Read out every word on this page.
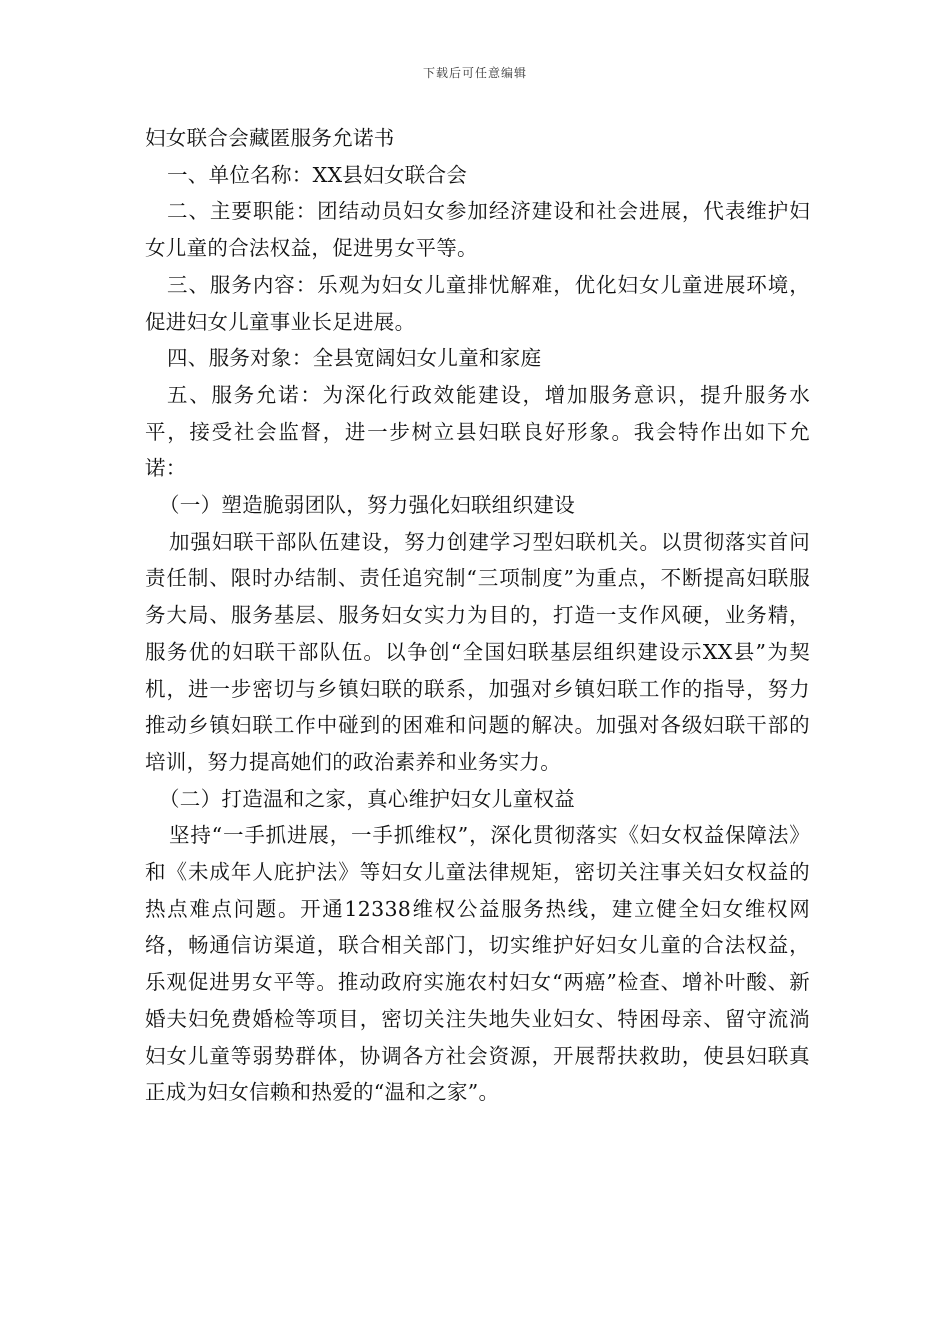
下载后可任意编辑

妇女联合会藏匿服务允诺书

一、单位名称：XX县妇女联合会

二、主要职能：团结动员妇女参加经济建设和社会进展，代表维护妇女儿童的合法权益，促进男女平等。

三、服务内容：乐观为妇女儿童排忧解难，优化妇女儿童进展环境，促进妇女儿童事业长足进展。

四、服务对象：全县宽阔妇女儿童和家庭

五、服务允诺：为深化行政效能建设，增加服务意识，提升服务水平，接受社会监督，进一步树立县妇联良好形象。我会特作出如下允诺：

（一）塑造脆弱团队，努力强化妇联组织建设

加强妇联干部队伍建设，努力创建学习型妇联机关。以贯彻落实首问责任制、限时办结制、责任追究制“三项制度”为重点，不断提高妇联服务大局、服务基层、服务妇女实力为目的，打造一支作风硬，业务精，服务优的妇联干部队伍。以争创“全国妇联基层组织建设示XX县”为契机，进一步密切与乡镇妇联的联系，加强对乡镇妇联工作的指导，努力推动乡镇妇联工作中碰到的困难和问题的解决。加强对各级妇联干部的培训，努力提高她们的政治素养和业务实力。

（二）打造温和之家，真心维护妇女儿童权益

坚持“一手抓进展，一手抓维权”，深化贯彻落实《妇女权益保障法》和《未成年人庇护法》等妇女儿童法律规矩，密切关注事关妇女权益的热点难点问题。开通12338维权公益服务热线，建立健全妇女维权网络，畅通信访渠道，联合相关部门，切实维护好妇女儿童的合法权益，乐观促进男女平等。推动政府实施农村妇女“两癌”检查、增补叶酸、新婚夫妇免费婚检等项目，密切关注失地失业妇女、特困母亲、留守流淌妇女儿童等弱势群体，协调各方社会资源，开展帮扶救助，使县妇联真正成为妇女信赖和热爱的“温和之家”。
